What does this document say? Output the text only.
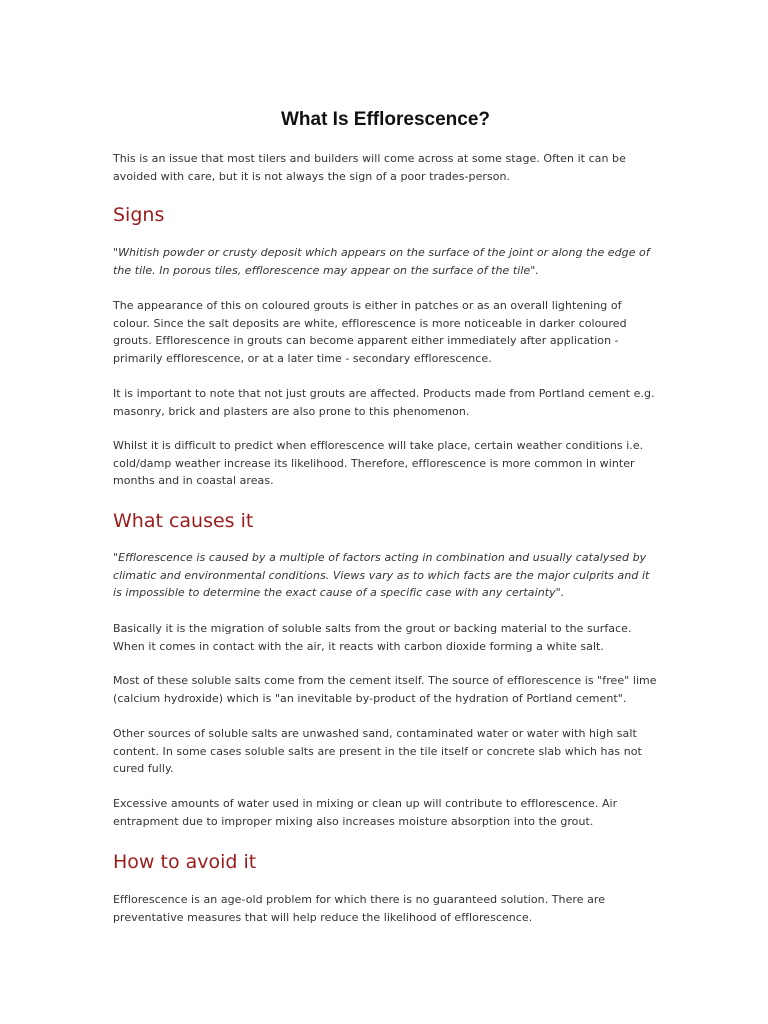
What Is Efflorescence?

This is an issue that most tilers and builders will come across at some stage. Often it can be avoided with care, but it is not always the sign of a poor trades-person.

Signs

"Whitish powder or crusty deposit which appears on the surface of the joint or along the edge of the tile. In porous tiles, efflorescence may appear on the surface of the tile".

The appearance of this on coloured grouts is either in patches or as an overall lightening of colour. Since the salt deposits are white, efflorescence is more noticeable in darker coloured grouts. Efflorescence in grouts can become apparent either immediately after application - primarily efflorescence, or at a later time - secondary efflorescence.

It is important to note that not just grouts are affected. Products made from Portland cement e.g. masonry, brick and plasters are also prone to this phenomenon.

Whilst it is difficult to predict when efflorescence will take place, certain weather conditions i.e. cold/damp weather increase its likelihood. Therefore, efflorescence is more common in winter months and in coastal areas.

What causes it

"Efflorescence is caused by a multiple of factors acting in combination and usually catalysed by climatic and environmental conditions. Views vary as to which facts are the major culprits and it is impossible to determine the exact cause of a specific case with any certainty".

Basically it is the migration of soluble salts from the grout or backing material to the surface. When it comes in contact with the air, it reacts with carbon dioxide forming a white salt.

Most of these soluble salts come from the cement itself. The source of efflorescence is "free" lime (calcium hydroxide) which is "an inevitable by-product of the hydration of Portland cement".

Other sources of soluble salts are unwashed sand, contaminated water or water with high salt content. In some cases soluble salts are present in the tile itself or concrete slab which has not cured fully.

Excessive amounts of water used in mixing or clean up will contribute to efflorescence. Air entrapment due to improper mixing also increases moisture absorption into the grout.

How to avoid it

Efflorescence is an age-old problem for which there is no guaranteed solution. There are preventative measures that will help reduce the likelihood of efflorescence.
